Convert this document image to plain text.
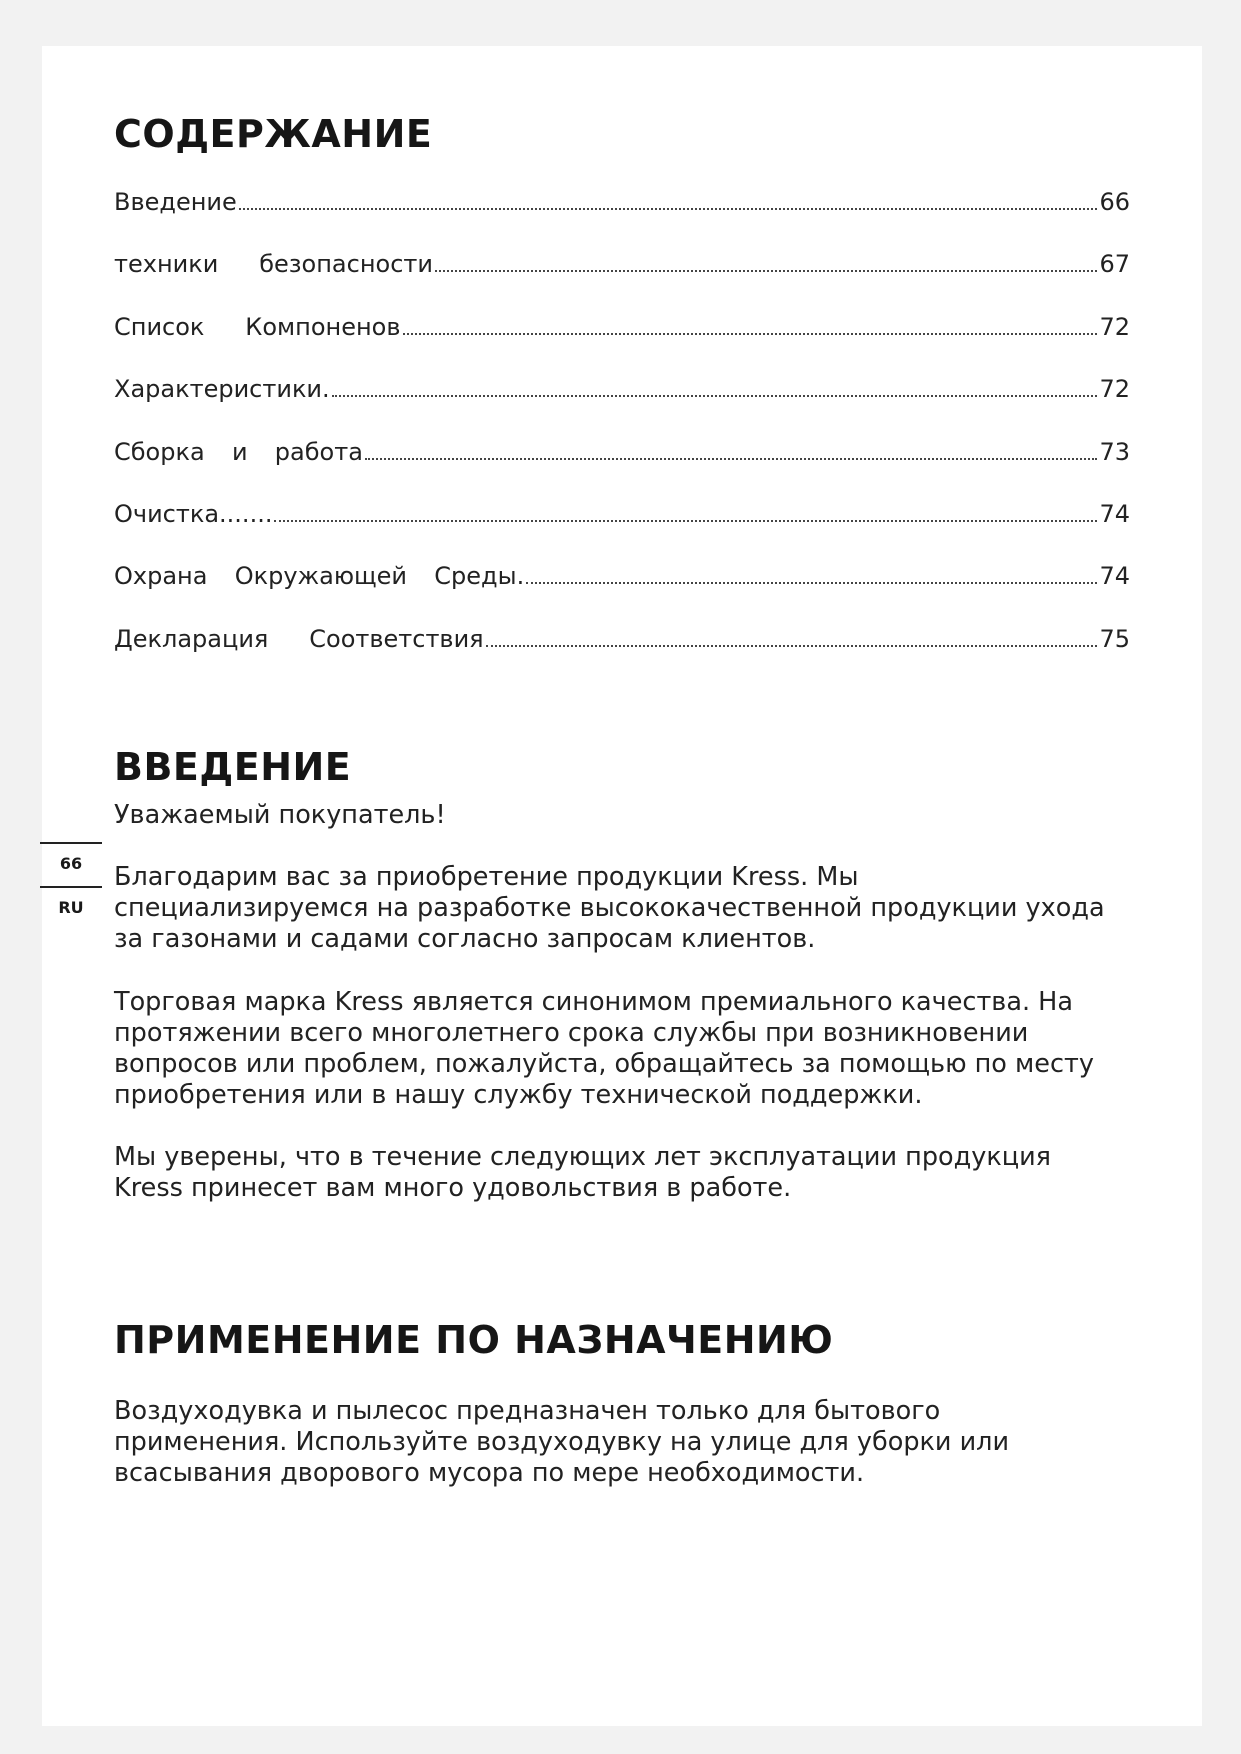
СОДЕРЖАНИЕ
Введение	66
техники   безопасности	67
Список   Компоненов	72
Характеристики.	72
Сборка  и  работа	73
Очистка.......	74
Охрана  Окружающей  Среды.	74
Декларация   Соответствия	75
ВВЕДЕНИЕ

Уважаемый покупатель!

66
RU

Благодарим вас за приобретение продукции Kress. Мы специализируемся на разработке высококачественной продукции ухода за газонами и садами согласно запросам клиентов.

Торговая марка Kress является синонимом премиального качества. На протяжении всего многолетнего срока службы при возникновении вопросов или проблем, пожалуйста, обращайтесь за помощью по месту приобретения или в нашу службу технической поддержки.

Мы уверены, что в течение следующих лет эксплуатации продукция Kress принесет вам много удовольствия в работе.

ПРИМЕНЕНИЕ ПО НАЗНАЧЕНИЮ

Воздуходувка и пылесос предназначен только для бытового применения. Используйте воздуходувку на улице для уборки или всасывания дворового мусора по мере необходимости.
